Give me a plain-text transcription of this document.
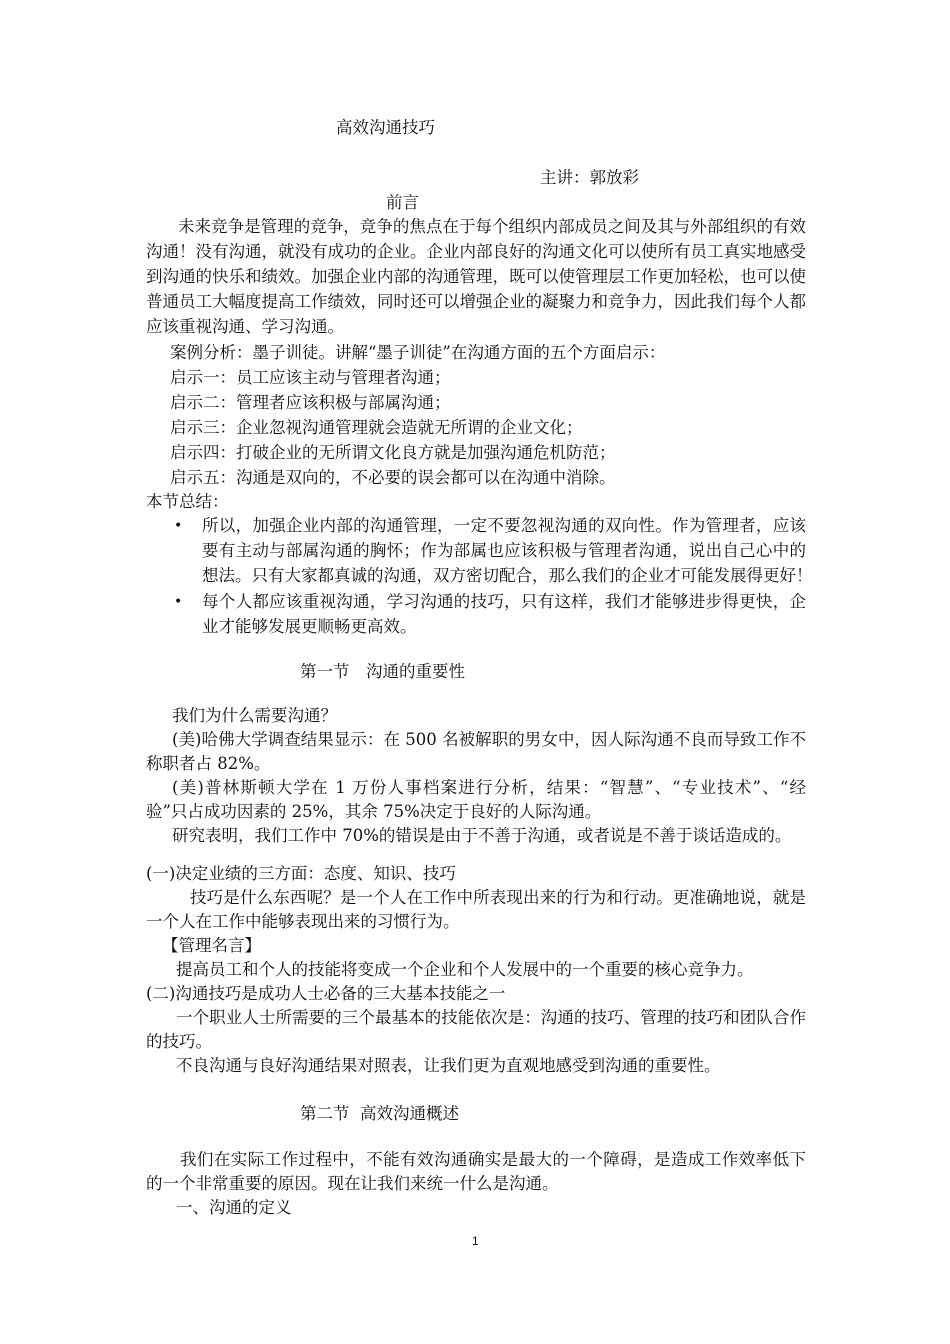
高效沟通技巧
主讲：郭放彩
前言
未来竞争是管理的竞争，竞争的焦点在于每个组织内部成员之间及其与外部组织的有效
沟通！没有沟通，就没有成功的企业。企业内部良好的沟通文化可以使所有员工真实地感受
到沟通的快乐和绩效。加强企业内部的沟通管理，既可以使管理层工作更加轻松，也可以使
普通员工大幅度提高工作绩效，同时还可以增强企业的凝聚力和竞争力，因此我们每个人都
应该重视沟通、学习沟通。
案例分析：墨子训徒。讲解“墨子训徒”在沟通方面的五个方面启示：
启示一：员工应该主动与管理者沟通；
启示二：管理者应该积极与部属沟通；
启示三：企业忽视沟通管理就会造就无所谓的企业文化；
启示四：打破企业的无所谓文化良方就是加强沟通危机防范；
启示五：沟通是双向的，不必要的误会都可以在沟通中消除。
本节总结：
• 所以，加强企业内部的沟通管理，一定不要忽视沟通的双向性。作为管理者，应该
要有主动与部属沟通的胸怀；作为部属也应该积极与管理者沟通，说出自己心中的
想法。只有大家都真诚的沟通，双方密切配合，那么我们的企业才可能发展得更好！
• 每个人都应该重视沟通，学习沟通的技巧，只有这样，我们才能够进步得更快，企
业才能够发展更顺畅更高效。
第一节　沟通的重要性
我们为什么需要沟通？
(美)哈佛大学调查结果显示：在 500 名被解职的男女中，因人际沟通不良而导致工作不
称职者占 82%。
(美)普林斯顿大学在 1 万份人事档案进行分析，结果：“智慧”、“专业技术”、“经
验”只占成功因素的 25%，其余 75%决定于良好的人际沟通。
研究表明，我们工作中 70%的错误是由于不善于沟通，或者说是不善于谈话造成的。
(一)决定业绩的三方面：态度、知识、技巧
技巧是什么东西呢？是一个人在工作中所表现出来的行为和行动。更准确地说，就是
一个人在工作中能够表现出来的习惯行为。
【管理名言】
提高员工和个人的技能将变成一个企业和个人发展中的一个重要的核心竞争力。
(二)沟通技巧是成功人士必备的三大基本技能之一
一个职业人士所需要的三个最基本的技能依次是：沟通的技巧、管理的技巧和团队合作
的技巧。
不良沟通与良好沟通结果对照表，让我们更为直观地感受到沟通的重要性。
第二节  高效沟通概述
我们在实际工作过程中，不能有效沟通确实是最大的一个障碍，是造成工作效率低下
的一个非常重要的原因。现在让我们来统一什么是沟通。
一、沟通的定义
1
